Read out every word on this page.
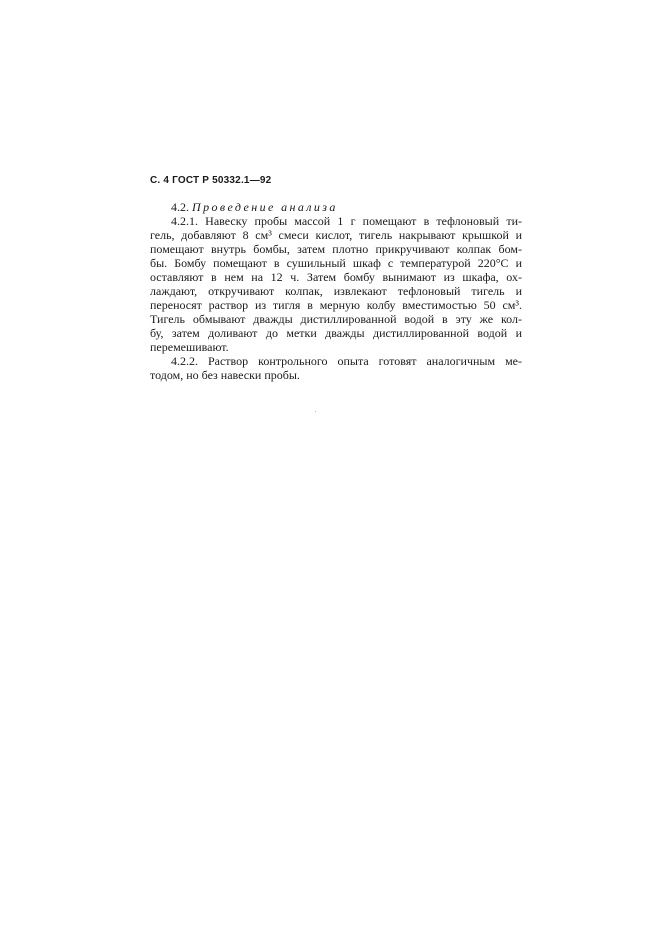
С. 4 ГОСТ Р 50332.1—92

4.2. Проведение анализа

4.2.1. Навеску пробы массой 1 г помещают в тефлоновый ти-
гель, добавляют 8 см³ смеси кислот, тигель накрывают крышкой и
помещают внутрь бомбы, затем плотно прикручивают колпак бом-
бы. Бомбу помещают в сушильный шкаф с температурой 220°С и
оставляют в нем на 12 ч. Затем бомбу вынимают из шкафа, ох-
лаждают, откручивают колпак, извлекают тефлоновый тигель и
переносят раствор из тигля в мерную колбу вместимостью 50 см³.
Тигель обмывают дважды дистиллированной водой в эту же кол-
бу, затем доливают до метки дважды дистиллированной водой и
перемешивают.

4.2.2. Раствор контрольного опыта готовят аналогичным ме-
тодом, но без навески пробы.
